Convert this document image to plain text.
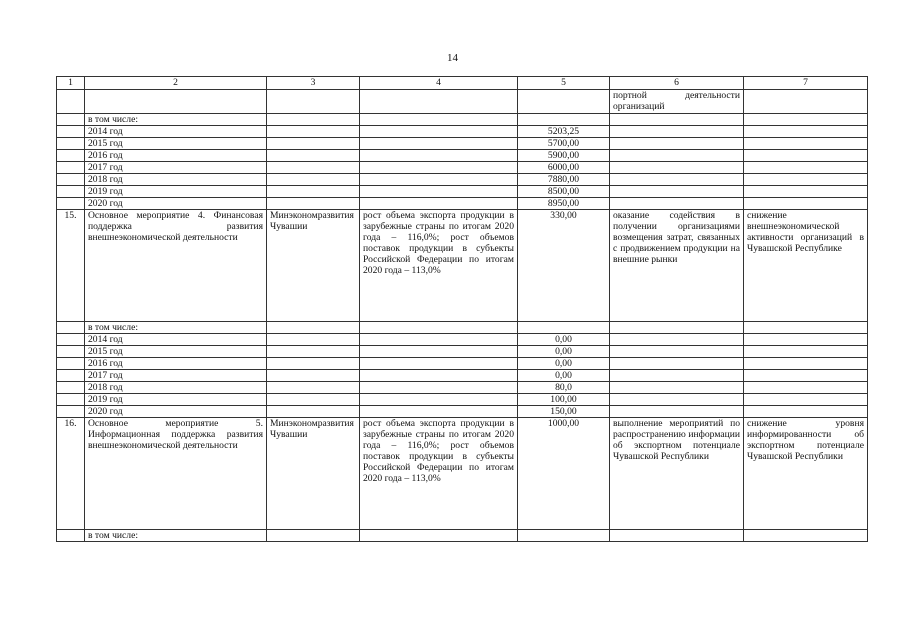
14
1	2	3	4	5	6	7
					портной деятельности организаций	
	в том числе:					
	2014 год			5203,25		
	2015 год			5700,00		
	2016 год			5900,00		
	2017 год			6000,00		
	2018 год			7880,00		
	2019 год			8500,00		
	2020 год			8950,00		
15.	Основное мероприятие 4. Финансовая поддержка развития внешнеэкономической деятельности	Минэкономразвития Чувашии	рост объема экспорта продукции в зарубежные страны по итогам 2020 года – 116,0%; рост объемов поставок продукции в субъекты Российской Федерации по итогам 2020 года – 113,0%	330,00	оказание содействия в получении организациями возмещения затрат, связанных с продвижением продукции на внешние рынки	снижение внешнеэкономической активности организаций в Чувашской Республике
	в том числе:					
	2014 год			0,00		
	2015 год			0,00		
	2016 год			0,00		
	2017 год			0,00		
	2018 год			80,0		
	2019 год			100,00		
	2020 год			150,00		
16.	Основное мероприятие 5. Информационная поддержка развития внешнеэкономической деятельности	Минэкономразвития Чувашии	рост объема экспорта продукции в зарубежные страны по итогам 2020 года – 116,0%; рост объемов поставок продукции в субъекты Российской Федерации по итогам 2020 года – 113,0%	1000,00	выполнение мероприятий по распространению информации об экспортном потенциале Чувашской Республики	снижение уровня информированности об экспортном потенциале Чувашской Республики
	в том числе:					
